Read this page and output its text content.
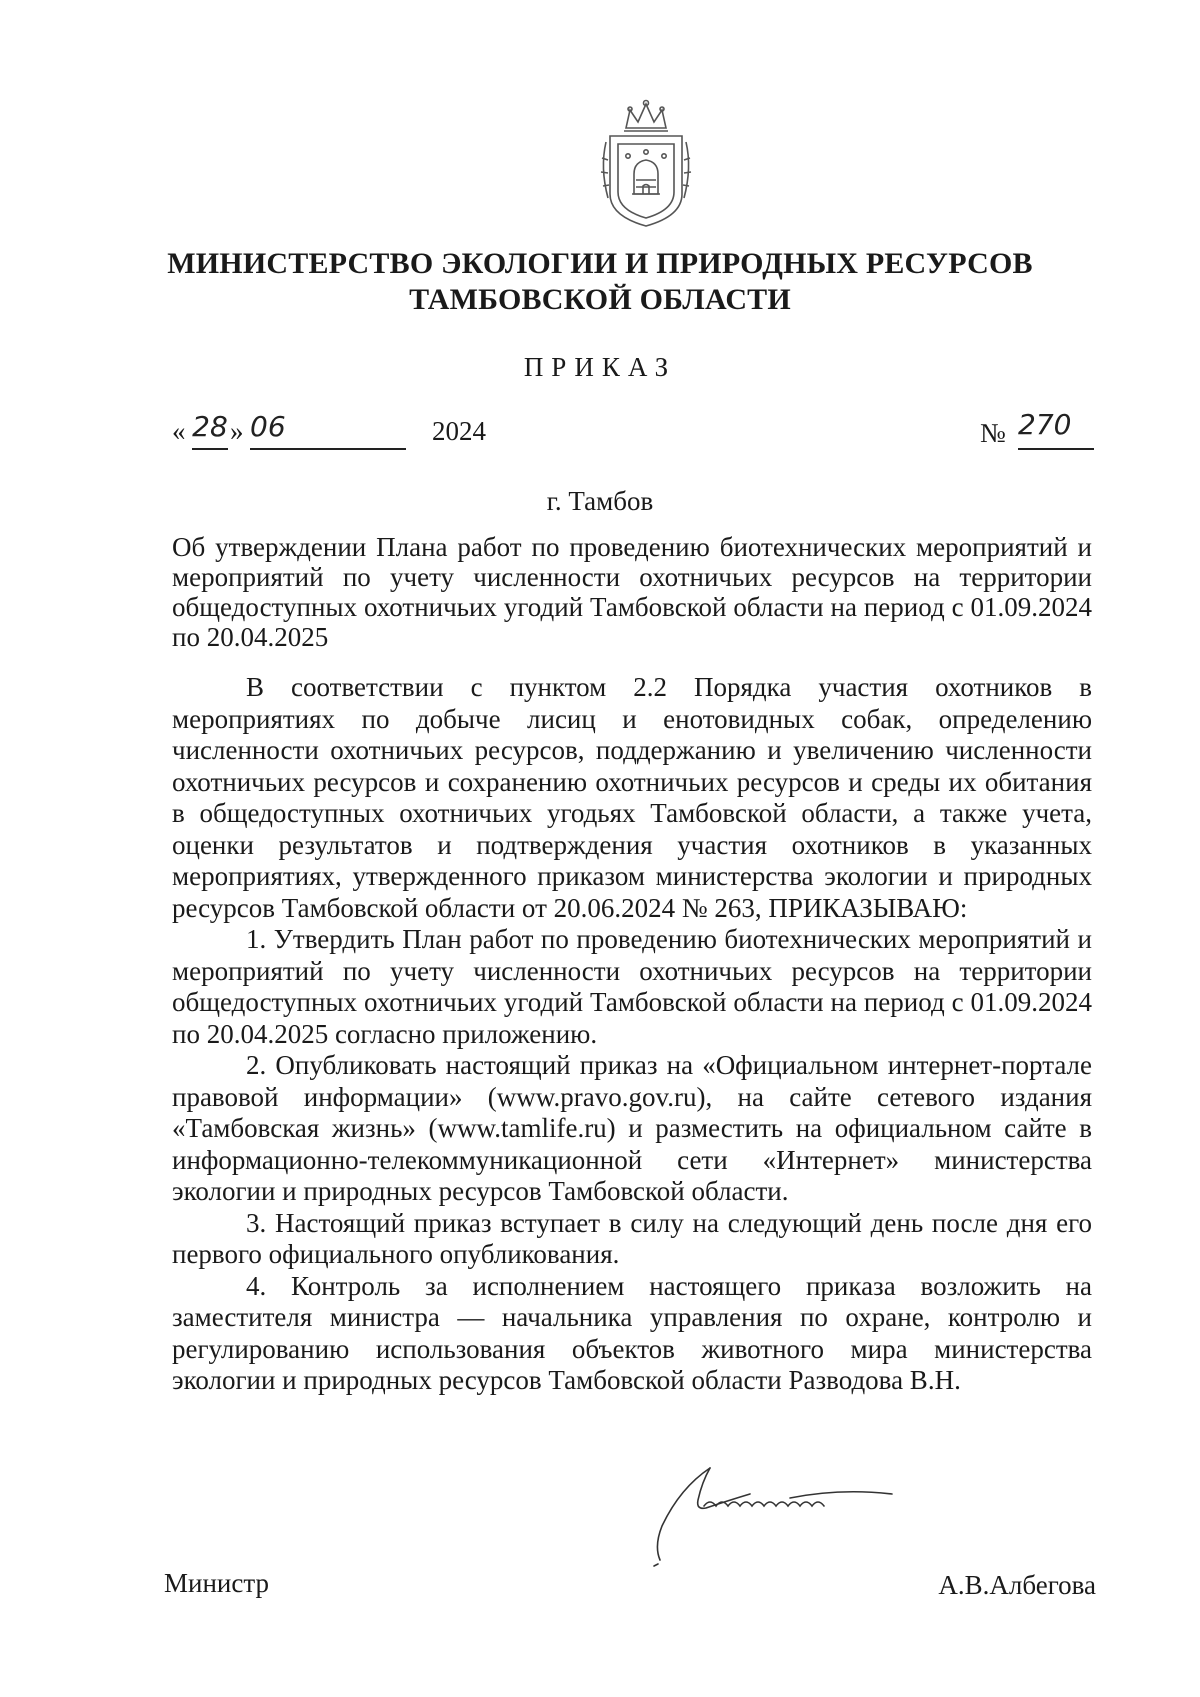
МИНИСТЕРСТВО ЭКОЛОГИИ И ПРИРОДНЫХ РЕСУРСОВ
ТАМБОВСКОЙ ОБЛАСТИ
ПРИКАЗ
« 28 » 06	2024	№ 270
г. Тамбов
Об утверждении Плана работ по проведению биотехнических мероприятий и мероприятий по учету численности охотничьих ресурсов на территории общедоступных охотничьих угодий Тамбовской области на период с 01.09.2024 по 20.04.2025

В соответствии с пунктом 2.2 Порядка участия охотников в мероприятиях по добыче лисиц и енотовидных собак, определению численности охотничьих ресурсов, поддержанию и увеличению численности охотничьих ресурсов и сохранению охотничьих ресурсов и среды их обитания в общедоступных охотничьих угодьях Тамбовской области, а также учета, оценки результатов и подтверждения участия охотников в указанных мероприятиях, утвержденного приказом министерства экологии и природных ресурсов Тамбовской области от 20.06.2024 № 263, ПРИКАЗЫВАЮ:

1. Утвердить План работ по проведению биотехнических мероприятий и мероприятий по учету численности охотничьих ресурсов на территории общедоступных охотничьих угодий Тамбовской области на период с 01.09.2024 по 20.04.2025 согласно приложению.

2. Опубликовать настоящий приказ на «Официальном интернет-портале правовой информации» (www.pravo.gov.ru), на сайте сетевого издания «Тамбовская жизнь» (www.tamlife.ru) и разместить на официальном сайте в информационно-телекоммуникационной сети «Интернет» министерства экологии и природных ресурсов Тамбовской области.

3. Настоящий приказ вступает в силу на следующий день после дня его первого официального опубликования.

4. Контроль за исполнением настоящего приказа возложить на заместителя министра — начальника управления по охране, контролю и регулированию использования объектов животного мира министерства экологии и природных ресурсов Тамбовской области Разводова В.Н.

Министр	А.В.Албегова
